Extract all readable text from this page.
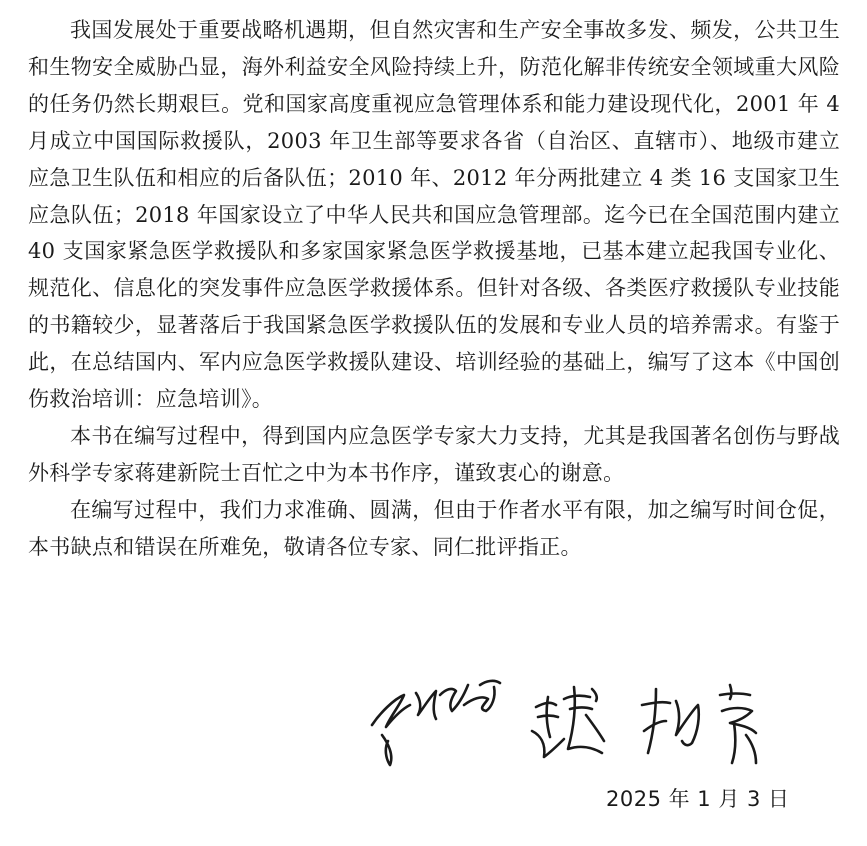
我国发展处于重要战略机遇期，但自然灾害和生产安全事故多发、频发，公共卫生和生物安全威胁凸显，海外利益安全风险持续上升，防范化解非传统安全领域重大风险的任务仍然长期艰巨。党和国家高度重视应急管理体系和能力建设现代化，2001 年 4 月成立中国国际救援队，2003 年卫生部等要求各省（自治区、直辖市）、地级市建立应急卫生队伍和相应的后备队伍；2010 年、2012 年分两批建立 4 类 16 支国家卫生应急队伍；2018 年国家设立了中华人民共和国应急管理部。迄今已在全国范围内建立 40 支国家紧急医学救援队和多家国家紧急医学救援基地，已基本建立起我国专业化、规范化、信息化的突发事件应急医学救援体系。但针对各级、各类医疗救援队专业技能的书籍较少，显著落后于我国紧急医学救援队伍的发展和专业人员的培养需求。有鉴于此，在总结国内、军内应急医学救援队建设、培训经验的基础上，编写了这本《中国创伤救治培训：应急培训》。

本书在编写过程中，得到国内应急医学专家大力支持，尤其是我国著名创伤与野战外科学专家蒋建新院士百忙之中为本书作序，谨致衷心的谢意。

在编写过程中，我们力求准确、圆满，但由于作者水平有限，加之编写时间仓促，本书缺点和错误在所难免，敬请各位专家、同仁批评指正。

2025 年 1 月 3 日
